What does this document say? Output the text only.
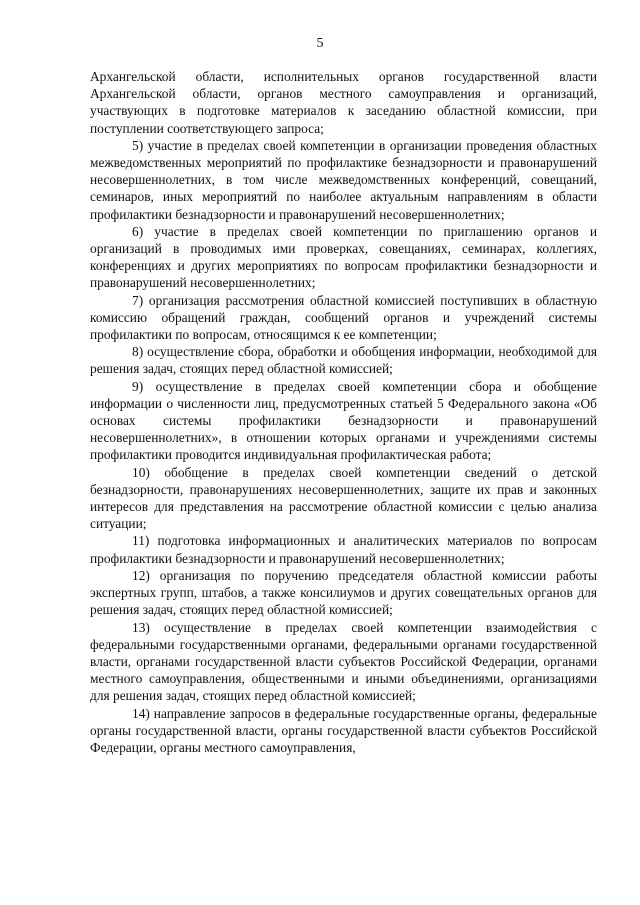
5

Архангельской области, исполнительных органов государственной власти Архангельской области, органов местного самоуправления и организаций, участвующих в подготовке материалов к заседанию областной комиссии, при поступлении соответствующего запроса;

5) участие в пределах своей компетенции в организации проведения областных межведомственных мероприятий по профилактике безнадзорности и правонарушений несовершеннолетних, в том числе межведомственных конференций, совещаний, семинаров, иных мероприятий по наиболее актуальным направлениям в области профилактики безнадзорности и правонарушений несовершеннолетних;

6) участие в пределах своей компетенции по приглашению органов и организаций в проводимых ими проверках, совещаниях, семинарах, коллегиях, конференциях и других мероприятиях по вопросам профилактики безнадзорности и правонарушений несовершеннолетних;

7) организация рассмотрения областной комиссией поступивших в областную комиссию обращений граждан, сообщений органов и учреждений системы профилактики по вопросам, относящимся к ее компетенции;

8) осуществление сбора, обработки и обобщения информации, необходимой для решения задач, стоящих перед областной комиссией;

9) осуществление в пределах своей компетенции сбора и обобщение информации о численности лиц, предусмотренных статьей 5 Федерального закона «Об основах системы профилактики безнадзорности и правонарушений несовершеннолетних», в отношении которых органами и учреждениями системы профилактики проводится индивидуальная профилактическая работа;

10) обобщение в пределах своей компетенции сведений о детской безнадзорности, правонарушениях несовершеннолетних, защите их прав и законных интересов для представления на рассмотрение областной комиссии с целью анализа ситуации;

11) подготовка информационных и аналитических материалов по вопросам профилактики безнадзорности и правонарушений несовершеннолетних;

12) организация по поручению председателя областной комиссии работы экспертных групп, штабов, а также консилиумов и других совещательных органов для решения задач, стоящих перед областной комиссией;

13) осуществление в пределах своей компетенции взаимодействия с федеральными государственными органами, федеральными органами государственной власти, органами государственной власти субъектов Российской Федерации, органами местного самоуправления, общественными и иными объединениями, организациями для решения задач, стоящих перед областной комиссией;

14) направление запросов в федеральные государственные органы, федеральные органы государственной власти, органы государственной власти субъектов Российской Федерации, органы местного самоуправления,
